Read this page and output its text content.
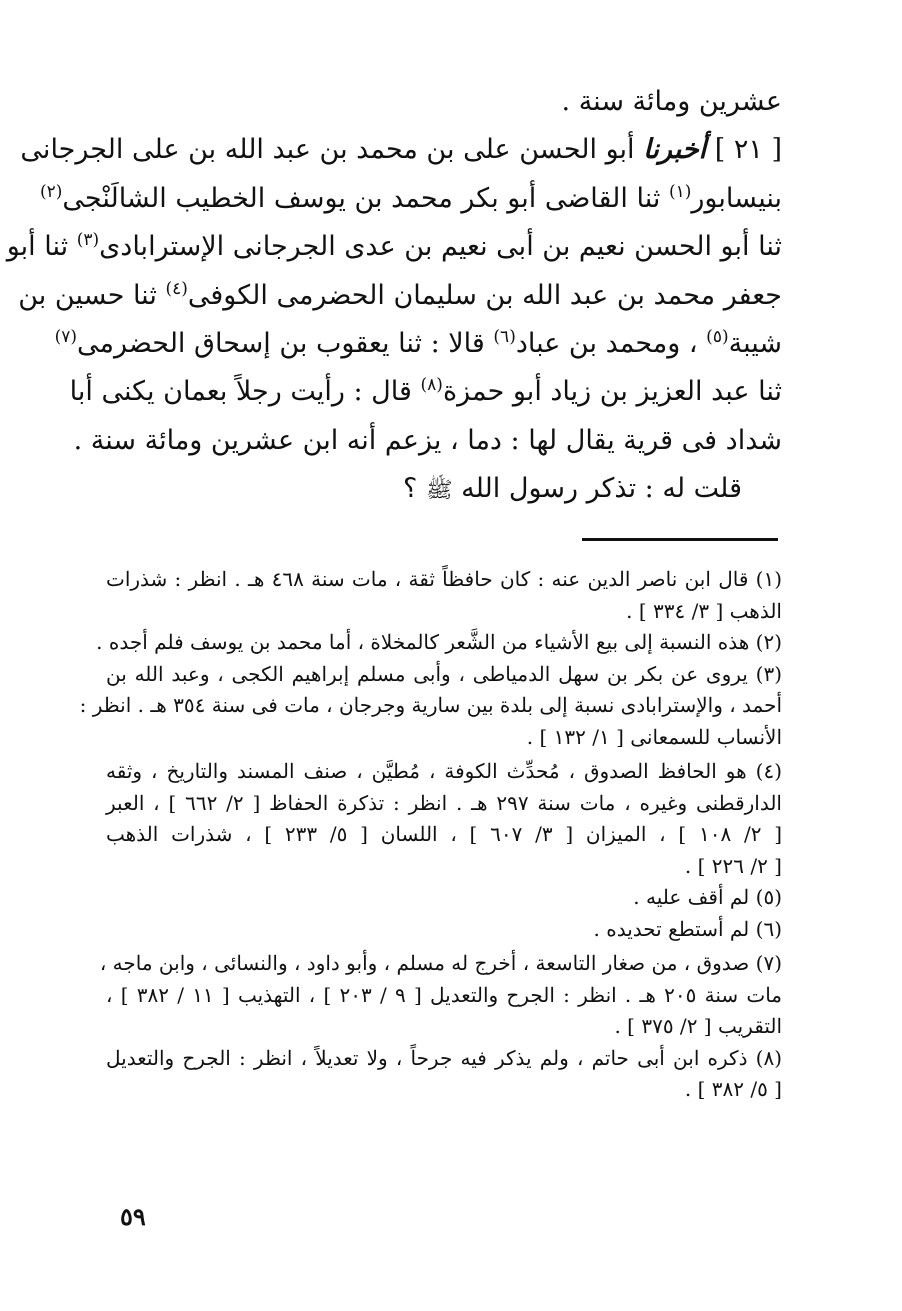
عشرين ومائة سنة .
[ ٢١ ] أخبرنا أبو الحسن على بن محمد بن عبد الله بن على الجرجانى
بنيسابور$^{(١)}$ ثنا القاضى أبو بكر محمد بن يوسف الخطيب الشالَنْجى$^{(٢)}$
ثنا أبو الحسن نعيم بن أبى نعيم بن عدى الجرجانى الإسترابادى$^{(٣)}$ ثنا أبو
جعفر محمد بن عبد الله بن سليمان الحضرمى الكوفى$^{(٤)}$ ثنا حسين بن
شيبة$^{(٥)}$ ، ومحمد بن عباد$^{(٦)}$ قالا : ثنا يعقوب بن إسحاق الحضرمى$^{(٧)}$
ثنا عبد العزيز بن زياد أبو حمزة$^{(٨)}$ قال : رأيت رجلاً بعمان يكنى أبا
شداد فى قرية يقال لها : دما ، يزعم أنه ابن عشرين ومائة سنة .
قلت له : تذكر رسول الله ﷺ ؟
(١) قال ابن ناصر الدين عنه : كان حافظاً ثقة ، مات سنة ٤٦٨ هـ . انظر : شذرات
الذهب [ ٣/ ٣٣٤ ] .
(٢) هذه النسبة إلى بيع الأشياء من الشَّعر كالمخلاة ، أما محمد بن يوسف فلم أجده .
(٣) يروى عن بكر بن سهل الدمياطى ، وأبى مسلم إبراهيم الكجى ، وعبد الله بن
أحمد ، والإسترابادى نسبة إلى بلدة بين سارية وجرجان ، مات فى سنة ٣٥٤ هـ . انظر :
الأنساب للسمعانى [ ١/ ١٣٢ ] .
(٤) هو الحافظ الصدوق ، مُحدِّث الكوفة ، مُطيَّن ، صنف المسند والتاريخ ، وثقه
الدارقطنى وغيره ، مات سنة ٢٩٧ هـ . انظر : تذكرة الحفاظ [ ٢/ ٦٦٢ ] ، العبر
[ ٢/ ١٠٨ ] ، الميزان [ ٣/ ٦٠٧ ] ، اللسان [ ٥/ ٢٣٣ ] ، شذرات الذهب
[ ٢/ ٢٢٦ ] .
(٥) لم أقف عليه .
(٦) لم أستطع تحديده .
(٧) صدوق ، من صغار التاسعة ، أخرج له مسلم ، وأبو داود ، والنسائى ، وابن ماجه ،
مات سنة ٢٠٥ هـ . انظر : الجرح والتعديل [ ٩ / ٢٠٣ ] ، التهذيب [ ١١ / ٣٨٢ ] ،
التقريب [ ٢/ ٣٧٥ ] .
(٨) ذكره ابن أبى حاتم ، ولم يذكر فيه جرحاً ، ولا تعديلاً ، انظر : الجرح والتعديل
[ ٥/ ٣٨٢ ] .
٥٩
